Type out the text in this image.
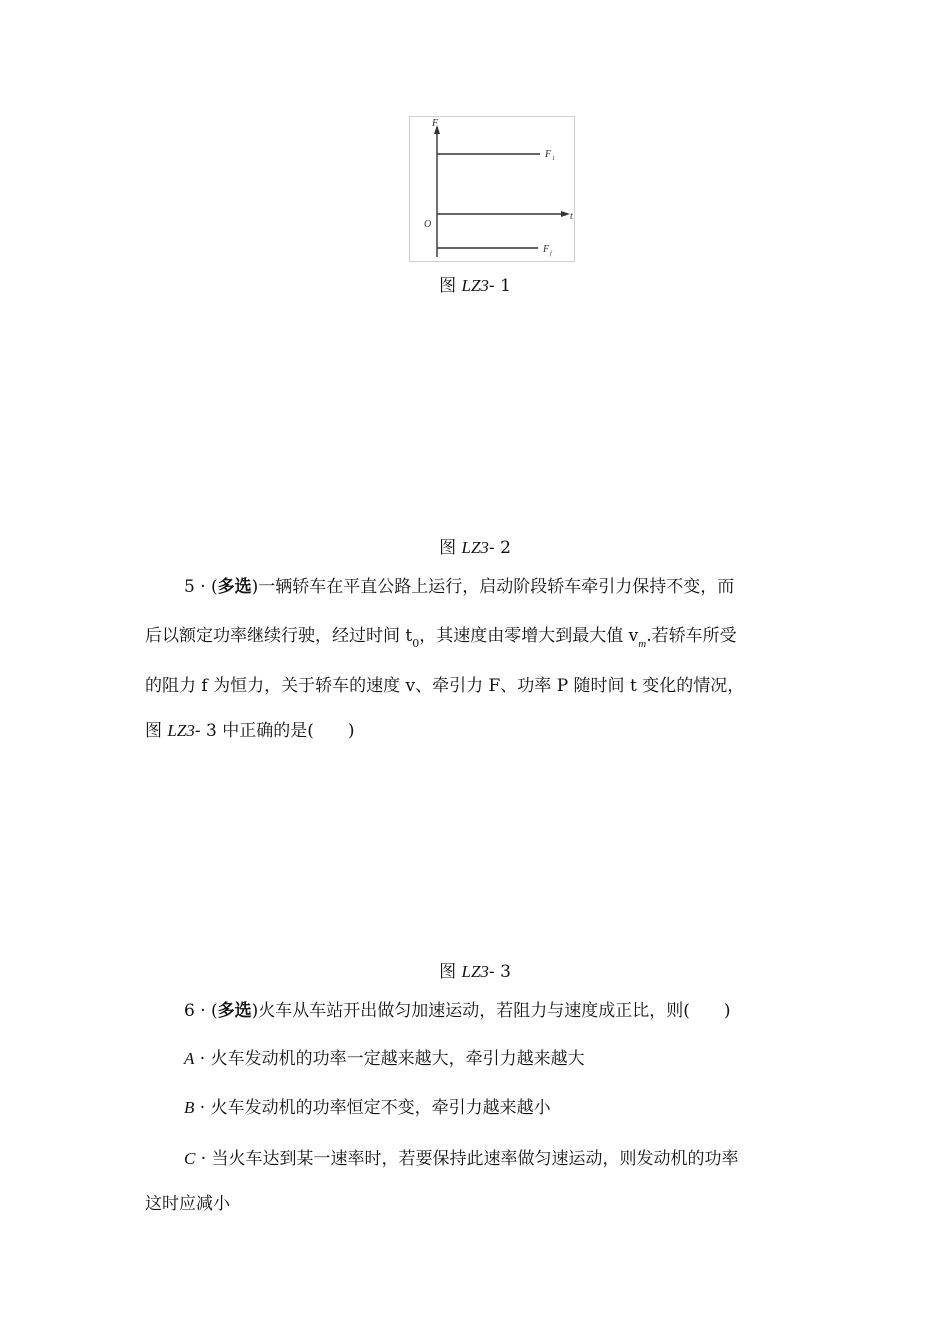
F
t
O
F 1
F f
图 LZ3- 1
图 LZ3- 2
5 · (多选)一辆轿车在平直公路上运行，启动阶段轿车牵引力保持不变，而
后以额定功率继续行驶，经过时间 $t_0$，其速度由零增大到最大值 $v_m$.若轿车所受
的阻力 f 为恒力，关于轿车的速度 v、牵引力 F、功率 P 随时间 t 变化的情况，
图 LZ3- 3 中正确的是(　　)
图 LZ3- 3
6 · (多选)火车从车站开出做匀加速运动，若阻力与速度成正比，则(　　)
A · 火车发动机的功率一定越来越大，牵引力越来越大
B · 火车发动机的功率恒定不变，牵引力越来越小
C · 当火车达到某一速率时，若要保持此速率做匀速运动，则发动机的功率
这时应减小
